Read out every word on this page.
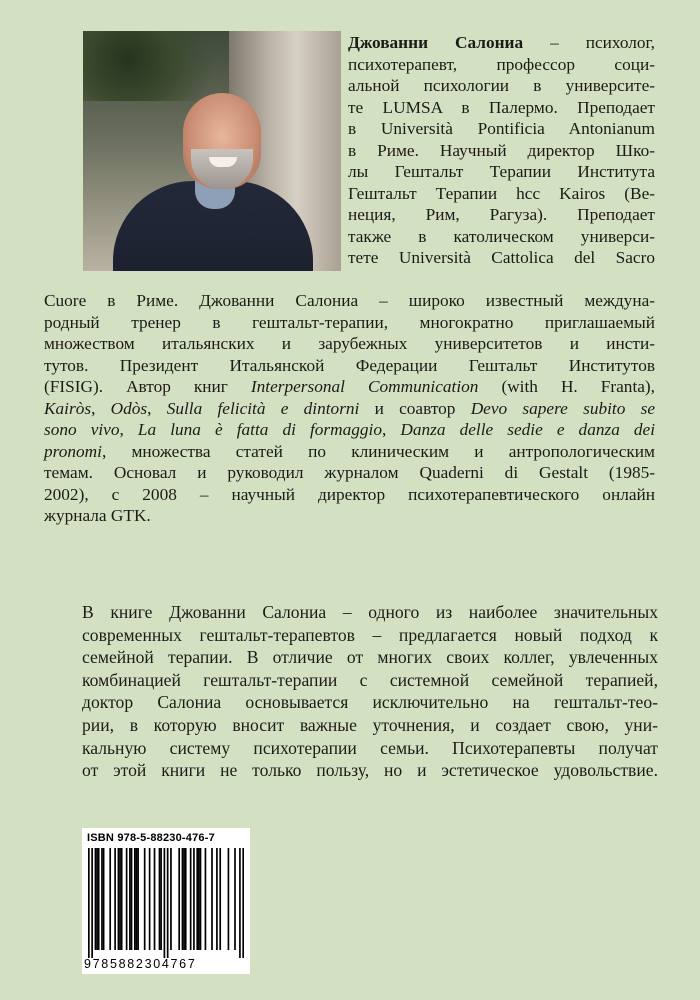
Джованни Салониа – психолог,
психотерапевт, профессор соци-
альной психологии в университе-
те LUMSA в Палермо. Преподает
в Università Pontificia Antonianum
в Риме. Научный директор Шко-
лы Гештальт Терапии Института
Гештальт Терапии hcc Kairos (Ве-
неция, Рим, Рагуза). Преподает
также в католическом универси-
тете Università Cattolica del Sacro
Cuore в Риме. Джованни Салониа – широко известный междуна-
родный тренер в гештальт-терапии, многократно приглашаемый
множеством итальянских и зарубежных университетов и инсти-
тутов. Президент Итальянской Федерации Гештальт Институтов
(FISIG). Автор книг Interpersonal Communication (with H. Franta),
Kairòs, Odòs, Sulla felicità e dintorni и соавтор Devo sapere subito se
sono vivo, La luna è fatta di formaggio, Danza delle sedie e danza dei
pronomi, множества статей по клиническим и антропологическим
темам. Основал и руководил журналом Quaderni di Gestalt (1985-
2002), с 2008 – научный директор психотерапевтического онлайн
журнала GTK.
В книге Джованни Салониа – одного из наиболее значительных
современных гештальт-терапевтов – предлагается новый подход к
семейной терапии. В отличие от многих своих коллег, увлеченных
комбинацией гештальт-терапии с системной семейной терапией,
доктор Салониа основывается исключительно на гештальт-тео-
рии, в которую вносит важные уточнения, и создает свою, уни-
кальную систему психотерапии семьи. Психотерапевты получат
от этой книги не только пользу, но и эстетическое удовольствие.
ISBN 978-5-88230-476-7
9785882304767
